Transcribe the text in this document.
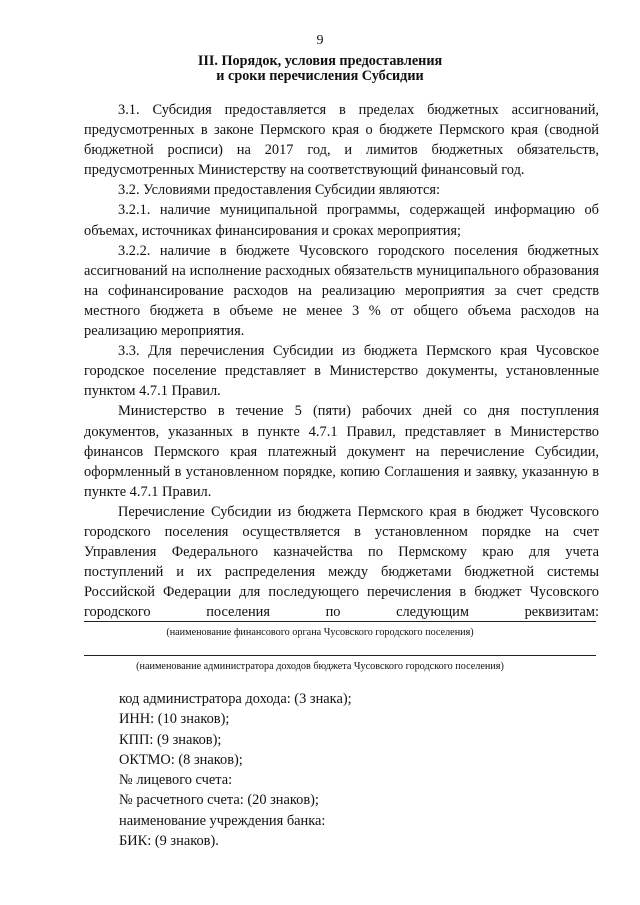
9
III. Порядок, условия предоставления
и сроки перечисления Субсидии

3.1. Субсидия предоставляется в пределах бюджетных ассигнований, предусмотренных в законе Пермского края о бюджете Пермского края (сводной бюджетной росписи) на 2017 год, и лимитов бюджетных обязательств, предусмотренных Министерству на соответствующий финансовый год.

3.2. Условиями предоставления Субсидии являются:

3.2.1. наличие муниципальной программы, содержащей информацию об объемах, источниках финансирования и сроках мероприятия;

3.2.2. наличие в бюджете Чусовского городского поселения бюджетных ассигнований на исполнение расходных обязательств муниципального образования на софинансирование расходов на реализацию мероприятия за счет средств местного бюджета в объеме не менее 3 % от общего объема расходов на реализацию мероприятия.

3.3. Для перечисления Субсидии из бюджета Пермского края Чусовское городское поселение представляет в Министерство документы, установленные пунктом 4.7.1 Правил.

Министерство в течение 5 (пяти) рабочих дней со дня поступления документов, указанных в пункте 4.7.1 Правил, представляет в Министерство финансов Пермского края платежный документ на перечисление Субсидии, оформленный в установленном порядке, копию Соглашения и заявку, указанную в пункте 4.7.1 Правил.

Перечисление Субсидии из бюджета Пермского края в бюджет Чусовского городского поселения осуществляется в установленном порядке на счет Управления Федерального казначейства по Пермскому краю для учета поступлений и их распределения между бюджетами бюджетной системы Российской Федерации для последующего перечисления в бюджет Чусовского городского поселения по следующим реквизитам:

(наименование финансового органа Чусовского городского поселения)
(наименование администратора доходов бюджета Чусовского городского поселения)
код администратора дохода: (3 знака);
ИНН: (10 знаков);
КПП: (9 знаков);
ОКТМО: (8 знаков);
№ лицевого счета:
№ расчетного счета: (20 знаков);
наименование учреждения банка:
БИК: (9 знаков).
